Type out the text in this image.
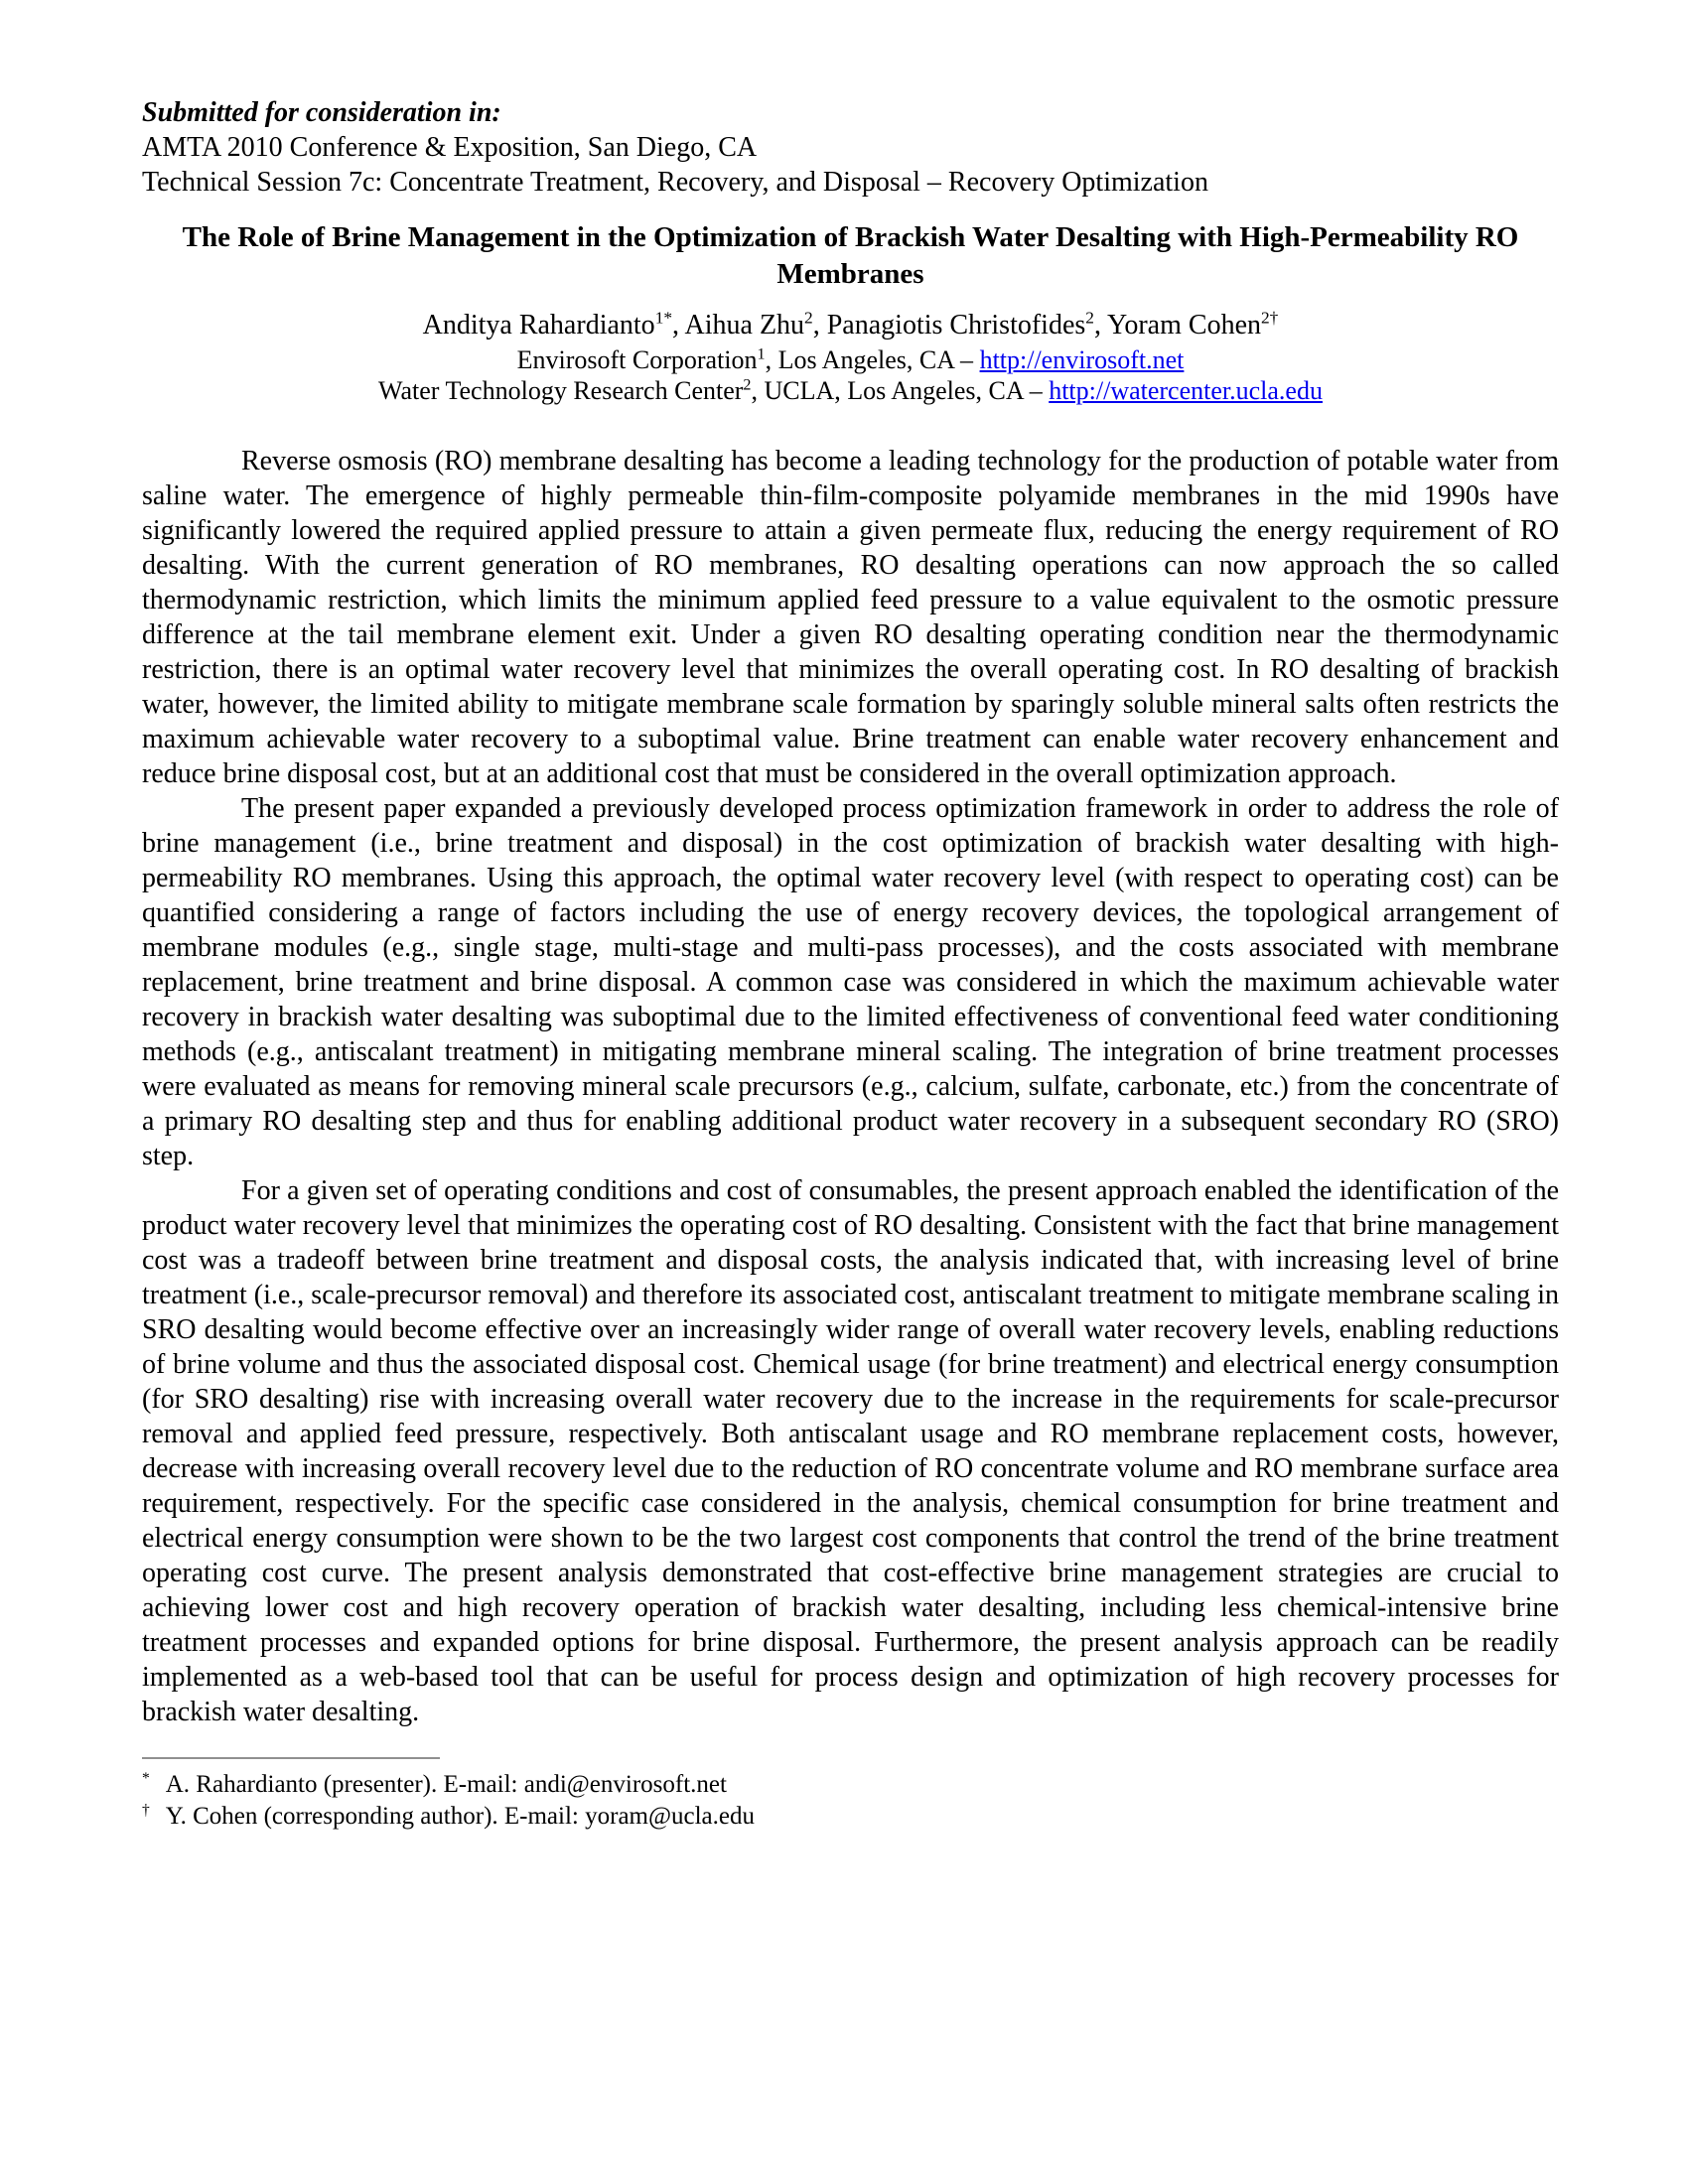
Submitted for consideration in:
AMTA 2010 Conference & Exposition, San Diego, CA
Technical Session 7c: Concentrate Treatment, Recovery, and Disposal – Recovery Optimization
The Role of Brine Management in the Optimization of Brackish Water Desalting with High-Permeability RO Membranes
Anditya Rahardianto$^{1*}$, Aihua Zhu$^2$, Panagiotis Christofides$^2$, Yoram Cohen$^{2\dagger}$
Envirosoft Corporation$^1$, Los Angeles, CA – http://envirosoft.net
Water Technology Research Center$^2$, UCLA, Los Angeles, CA – http://watercenter.ucla.edu

Reverse osmosis (RO) membrane desalting has become a leading technology for the production of potable water from saline water. The emergence of highly permeable thin-film-composite polyamide membranes in the mid 1990s have significantly lowered the required applied pressure to attain a given permeate flux, reducing the energy requirement of RO desalting. With the current generation of RO membranes, RO desalting operations can now approach the so called thermodynamic restriction, which limits the minimum applied feed pressure to a value equivalent to the osmotic pressure difference at the tail membrane element exit. Under a given RO desalting operating condition near the thermodynamic restriction, there is an optimal water recovery level that minimizes the overall operating cost. In RO desalting of brackish water, however, the limited ability to mitigate membrane scale formation by sparingly soluble mineral salts often restricts the maximum achievable water recovery to a suboptimal value. Brine treatment can enable water recovery enhancement and reduce brine disposal cost, but at an additional cost that must be considered in the overall optimization approach.

The present paper expanded a previously developed process optimization framework in order to address the role of brine management (i.e., brine treatment and disposal) in the cost optimization of brackish water desalting with high-permeability RO membranes. Using this approach, the optimal water recovery level (with respect to operating cost) can be quantified considering a range of factors including the use of energy recovery devices, the topological arrangement of membrane modules (e.g., single stage, multi-stage and multi-pass processes), and the costs associated with membrane replacement, brine treatment and brine disposal. A common case was considered in which the maximum achievable water recovery in brackish water desalting was suboptimal due to the limited effectiveness of conventional feed water conditioning methods (e.g., antiscalant treatment) in mitigating membrane mineral scaling. The integration of brine treatment processes were evaluated as means for removing mineral scale precursors (e.g., calcium, sulfate, carbonate, etc.) from the concentrate of a primary RO desalting step and thus for enabling additional product water recovery in a subsequent secondary RO (SRO) step.

For a given set of operating conditions and cost of consumables, the present approach enabled the identification of the product water recovery level that minimizes the operating cost of RO desalting. Consistent with the fact that brine management cost was a tradeoff between brine treatment and disposal costs, the analysis indicated that, with increasing level of brine treatment (i.e., scale-precursor removal) and therefore its associated cost, antiscalant treatment to mitigate membrane scaling in SRO desalting would become effective over an increasingly wider range of overall water recovery levels, enabling reductions of brine volume and thus the associated disposal cost. Chemical usage (for brine treatment) and electrical energy consumption (for SRO desalting) rise with increasing overall water recovery due to the increase in the requirements for scale-precursor removal and applied feed pressure, respectively. Both antiscalant usage and RO membrane replacement costs, however, decrease with increasing overall recovery level due to the reduction of RO concentrate volume and RO membrane surface area requirement, respectively. For the specific case considered in the analysis, chemical consumption for brine treatment and electrical energy consumption were shown to be the two largest cost components that control the trend of the brine treatment operating cost curve. The present analysis demonstrated that cost-effective brine management strategies are crucial to achieving lower cost and high recovery operation of brackish water desalting, including less chemical-intensive brine treatment processes and expanded options for brine disposal. Furthermore, the present analysis approach can be readily implemented as a web-based tool that can be useful for process design and optimization of high recovery processes for brackish water desalting.

* A. Rahardianto (presenter). E-mail: andi@envirosoft.net
† Y. Cohen (corresponding author). E-mail: yoram@ucla.edu
